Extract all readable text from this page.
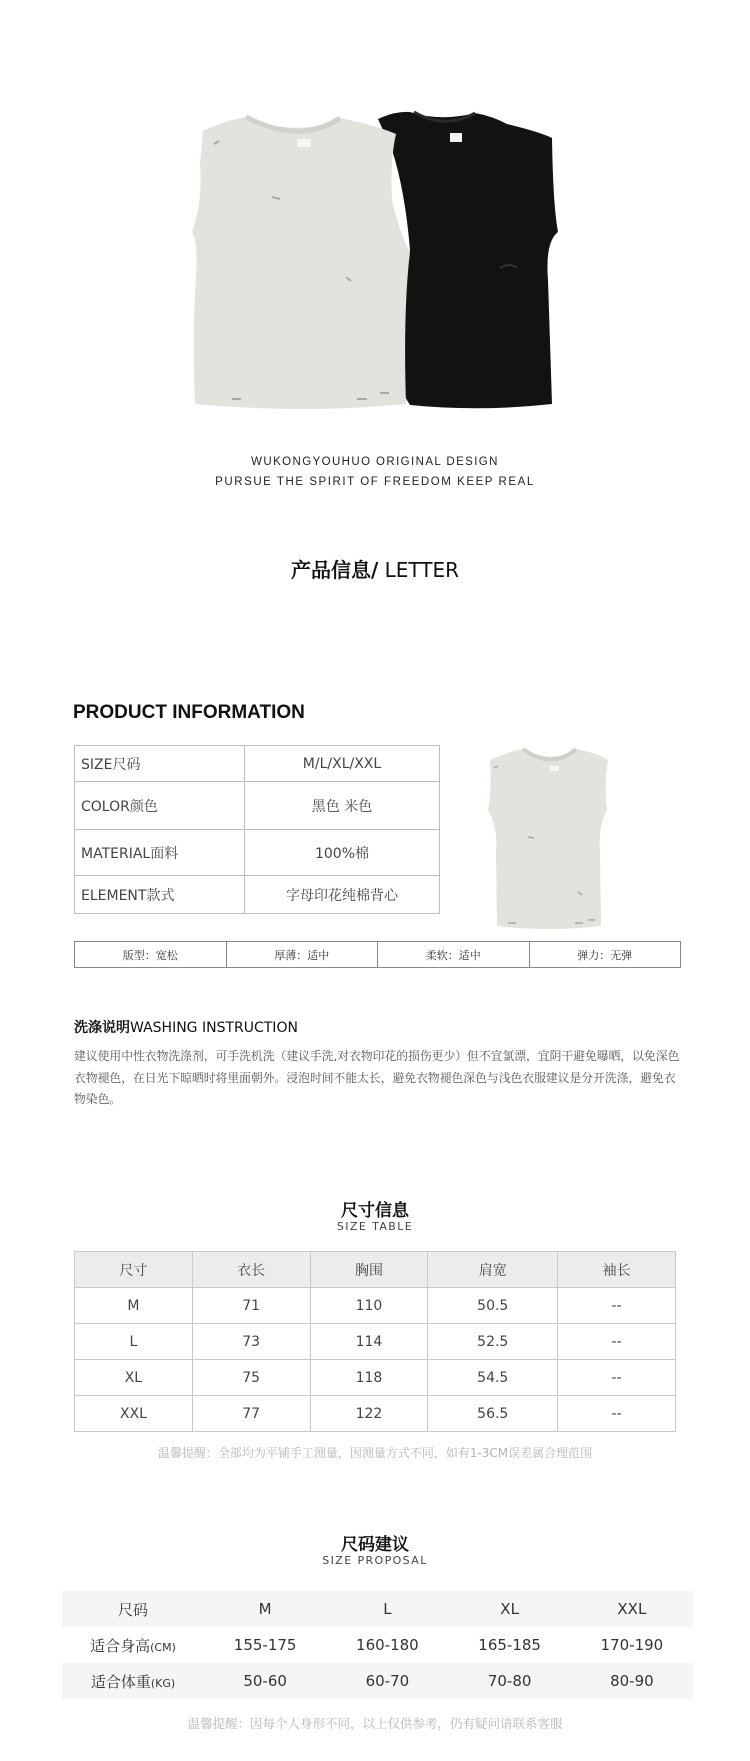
WUKONGYOUHUO ORIGINAL DESIGN
PURSUE THE SPIRIT OF FREEDOM KEEP REAL
产品信息/ LETTER
PRODUCT INFORMATION
SIZE尺码	M/L/XL/XXL
COLOR颜色	黑色 米色
MATERIAL面料	100%棉
ELEMENT款式	字母印花纯棉背心
版型：宽松	厚薄：适中	柔软：适中	弹力：无弹
洗涤说明WASHING INSTRUCTION
建议使用中性衣物洗涤剂，可手洗机洗（建议手洗,对衣物印花的损伤更少）但不宜氯漂，宜阴干避免曝晒，以免深色衣物褪色，在日光下晾晒时将里面朝外。浸泡时间不能太长，避免衣物褪色深色与浅色衣服建议是分开洗涤，避免衣物染色。
尺寸信息
SIZE TABLE
尺寸	衣长	胸围	肩宽	袖长
M	71	110	50.5	--
L	73	114	52.5	--
XL	75	118	54.5	--
XXL	77	122	56.5	--
温馨提醒：全部均为平铺手工测量，因测量方式不同，如有1-3CM误差属合理范围
尺码建议
SIZE PROPOSAL
尺码	M	L	XL	XXL
适合身高(CM)	155-175	160-180	165-185	170-190
适合体重(KG)	50-60	60-70	70-80	80-90
温馨提醒：因每个人身形不同，以上仅供参考，仍有疑问请联系客服
